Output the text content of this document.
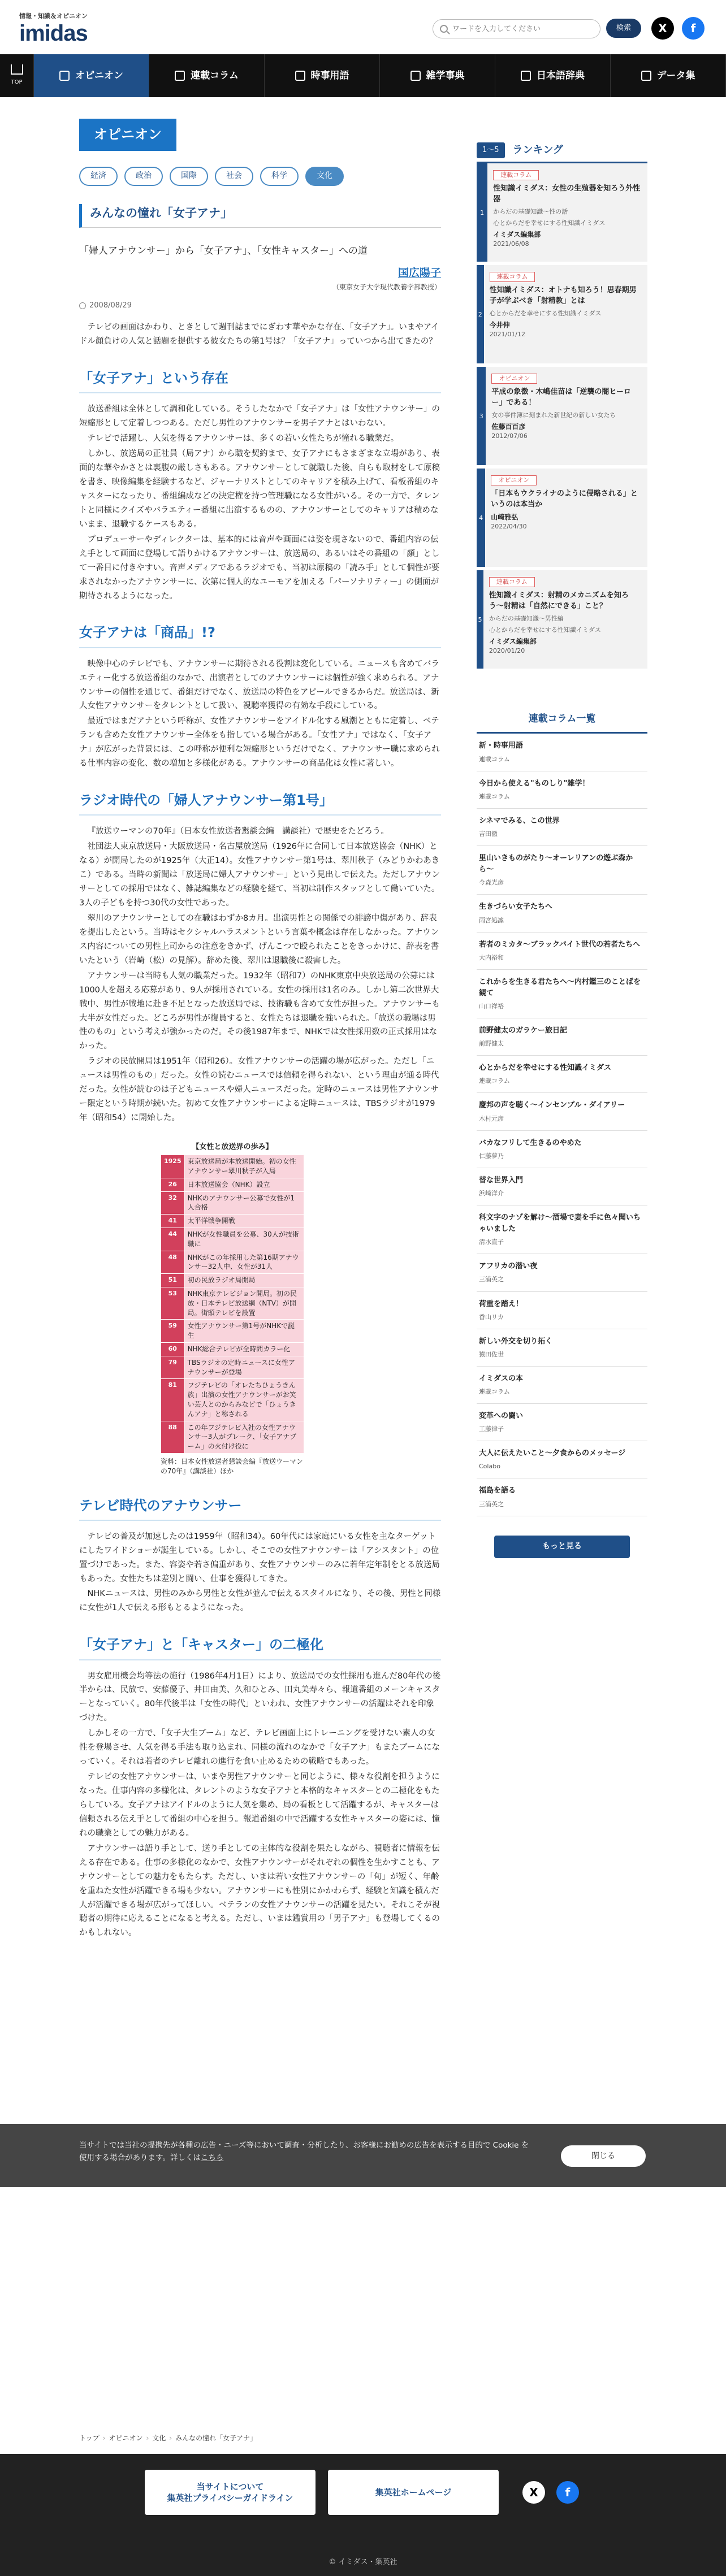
情報・知識＆オピニオン
imidas
ワードを入力してください	検索	X	f
TOP
オピニオン	連載コラム	時事用語	雑学事典	日本語辞典	データ集
オピニオン
経済	政治	国際	社会	科学	文化
みんなの憧れ「女子アナ」
「婦人アナウンサー」から「女子アナ」、「女性キャスター」への道
国広陽子
（東京女子大学現代教養学部教授）
2008/08/29

テレビの画面はかわり、ときとして週刊誌までにぎわす華やかな存在、「女子アナ」。いまやアイドル顔負けの人気と話題を提供する彼女たちの第1号は？「女子アナ」っていつから出てきたの？

「女子アナ」という存在

放送番組は全体として調和化している。そうしたなかで「女子アナ」は「女性アナウンサー」の短縮形として定着しつつある。ただし男性のアナウンサーを男子アナとはいわない。

テレビで活躍し、人気を得るアナウンサーは、多くの若い女性たちが憧れる職業だ。

しかし、放送局の正社員（局アナ）から職を契約まで、女子アナにもさまざまな立場があり、表面的な華やかさとは裏腹の厳しさもある。アナウンサーとして就職した後、自らも取材をして原稿を書き、映像編集を経験するなど、ジャーナリストとしてのキャリアを積み上げて、看板番組のキャスターになったり、番組編成などの決定権を持つ管理職になる女性がいる。その一方で、タレントと同様にクイズやバラエティー番組に出演するものの、アナウンサーとしてのキャリアは積めないまま、退職するケースもある。

プロデューサーやディレクターは、基本的には音声や画面には姿を現さないので、番組内容の伝え手として画面に登場して語りかけるアナウンサーは、放送局の、あるいはその番組の「顔」として一番目に付きやすい。音声メディアであるラジオでも、当初は原稿の「読み手」として個性が要求されなかったアナウンサーに、次第に個人的なユーモアを加える「パーソナリティー」の側面が期待されるようになった。

女子アナは「商品」!?

映像中心のテレビでも、アナウンサーに期待される役割は変化している。ニュースも含めてバラエティー化する放送番組のなかで、出演者としてのアナウンサーには個性が強く求められる。アナウンサーの個性を通じて、番組だけでなく、放送局の特色をアピールできるからだ。放送局は、新人女性アナウンサーをタレントとして扱い、視聴率獲得の有効な手段にしている。

最近ではまだアナという呼称が、女性アナウンサーをアイドル化する風潮とともに定着し、ベテランも含めた女性アナウンサー全体をも指している場合がある。「女性アナ」ではなく、「女子アナ」が広がった背景には、この呼称が便利な短縮形というだけでなく、アナウンサー職に求められる仕事内容の変化、数の増加と多様化がある。アナウンサーの商品化は女性に著しい。

ラジオ時代の「婦人アナウンサー第1号」

『放送ウーマンの70年』（日本女性放送者懇談会編　講談社）で歴史をたどろう。

社団法人東京放送局・大阪放送局・名古屋放送局（1926年に合同して日本放送協会（NHK）となる）が開局したのが1925年（大正14）。女性アナウンサー第1号は、翠川秋子（みどりかわあきこ）である。当時の新聞は「放送局に婦人アナウンサー」という見出しで伝えた。ただしアナウンサーとしての採用ではなく、雑誌編集などの経験を経て、当初は制作スタッフとして働いていた。3人の子どもを持つ30代の女性であった。

翠川のアナウンサーとしての在職はわずか8カ月。出演男性との関係での誹謗中傷があり、辞表を提出したという。当時はセクシャルハラスメントという言葉や概念は存在しなかった。アナウンス内容についての男性上司からの注意をきかず、げんこつで殴られたことをきっかけに、辞表を書いたという（岩崎（松）の見解）。辞めた後、翠川は退職後に殺害した。

アナウンサーは当時も人気の職業だった。1932年（昭和7）のNHK東京中央放送局の公募には1000人を超える応募があり、9人が採用されている。女性の採用は1名のみ。しかし第二次世界大戦中、男性が戦地に赴き不足となった放送局では、技術職も含めて女性が担った。アナウンサーも大半が女性だった。どころが男性が復員すると、女性たちは退職を強いられた。「放送の職場は男性のもの」という考えが強かったのだ。その後1987年まで、NHKでは女性採用数の正式採用はなかった。

ラジオの民放開局は1951年（昭和26）。女性アナウンサーの活躍の場が広がった。ただし「ニュースは男性のもの」だった。女性の読むニュースでは信頼を得られない、という理由が通る時代だった。女性が読むのは子どもニュースや婦人ニュースだった。定時のニュースは男性アナウンサー限定という時期が続いた。初めて女性アナウンサーによる定時ニュースは、TBSラジオが1979年（昭和54）に開始した。

【女性と放送界の歩み】
1925	東京放送局が本放送開始。初の女性アナウンサー翠川秋子が入局
26	日本放送協会（NHK）設立
32	NHKのアナウンサー公募で女性が1人合格
41	太平洋戦争開戦
44	NHKが女性職員を公募、30人が技術職に
48	NHKがこの年採用した第16期アナウンサー32人中、女性が31人
51	初の民放ラジオ局開局
53	NHK東京テレビジョン開局。初の民放・日本テレビ放送網（NTV）が開局。街頭テレビを設置
59	女性アナウンサー第1号がNHKで誕生
60	NHK総合テレビが全時間カラー化
79	TBSラジオの定時ニュースに女性アナウンサーが登場
81	フジテレビの「オレたちひょうきん族」出演の女性アナウンサーがお笑い芸人とのからみなどで「ひょうきんアナ」と称される
88	この年フジテレビ入社の女性アナウンサー3人がブレーク、「女子アナブーム」の火付け役に
資料：日本女性放送者懇談会編『放送ウーマンの70年』（講談社）ほか
テレビ時代のアナウンサー

テレビの普及が加速したのは1959年（昭和34）。60年代には家庭にいる女性を主なターゲットにしたワイドショーが誕生している。しかし、そこでの女性アナウンサーは「アシスタント」の位置づけであった。また、容姿や若さ偏重があり、女性アナウンサーのみに若年定年制をとる放送局もあった。女性たちは差別と闘い、仕事を獲得してきた。

NHKニュースは、男性のみから男性と女性が並んで伝えるスタイルになり、その後、男性と同様に女性が1人で伝える形もとるようになった。

「女子アナ」と「キャスター」の二極化

男女雇用機会均等法の施行（1986年4月1日）により、放送局での女性採用も進んだ80年代の後半からは、民放で、安藤優子、井田由美、久和ひとみ、田丸美寿々ら、報道番組のメーンキャスターとなっていく。80年代後半は「女性の時代」といわれ、女性アナウンサーの活躍はそれを印象づけた。

しかしその一方で、「女子大生ブーム」など、テレビ画面上にトレーニングを受けない素人の女性を登場させ、人気を得る手法も取り込まれ、同様の流れのなかで「女子アナ」もまたブームになっていく。それは若者のテレビ離れの進行を食い止めるための戦略でもあった。

テレビの女性アナウンサーは、いまや男性アナウンサーと同じように、様々な役割を担うようになった。仕事内容の多様化は、タレントのような女子アナと本格的なキャスターとの二極化をもたらしている。女子アナはアイドルのように人気を集め、局の看板として活躍するが、キャスターは信頼される伝え手として番組の中心を担う。報道番組の中で活躍する女性キャスターの姿には、憧れの職業としての魅力がある。

アナウンサーは語り手として、送り手としての主体的な役割を果たしながら、視聴者に情報を伝える存在である。仕事の多様化のなかで、女性アナウンサーがそれぞれの個性を生かすことも、アナウンサーとしての魅力をもたらす。ただし、いまは若い女性アナウンサーの「旬」が短く、年齢を重ねた女性が活躍できる場も少ない。アナウンサーにも性別にかかわらず、経験と知識を積んだ人が活躍できる場が広がってほしい。ベテランの女性アナウンサーの活躍を見たい。それこそが視聴者の期待に応えることになると考える。ただし、いまは鑑賞用の「男子アナ」も登場してくるのかもしれない。

1〜5	ランキング
1
連載コラム
性知識イミダス：女性の生殖器を知ろう外性器
からだの基礎知識〜性の話
心とからだを幸せにする性知識イミダス
イミダス編集部
2021/06/08
2
連載コラム
性知識イミダス：オトナも知ろう！思春期男子が学ぶべき「射精教」とは
心とからだを幸せにする性知識イミダス
今井伸
2021/01/12
3
オピニオン
平成の象徴・木嶋佳苗は「逆襲の闇ヒーロー」である！
女の事件簿に刻まれた新世紀の新しい女たち
佐藤百百彦
2012/07/06
4
オピニオン
「日本もウクライナのように侵略される」というのは本当か
山崎雅弘
2022/04/30
5
連載コラム
性知識イミダス：射精のメカニズムを知ろう〜射精は「自然にできる」こと？
からだの基礎知識〜男性編
心とからだを幸せにする性知識イミダス
イミダス編集部
2020/01/20
連載コラム一覧
新・時事用語
連載コラム
今日から使える"ものしり"雑学！
連載コラム
シネマでみる、この世界
吉田徹
里山いきものがたり〜オーレリアンの遊ぶ森から〜
今森光彦
生きづらい女子たちへ
雨宮処凛
若者のミカタ〜ブラックバイト世代の若者たちへ
大内裕和
これからを生きる君たちへ〜内村鑑三のことばを観て
山口祥裕
前野健太のガラケー旅日記
前野健太
心とからだを幸せにする性知識イミダス
連載コラム
慶邦の声を聴く〜インセンプル・ダイアリー
木村元彦
バカなフリして生きるのやめた
仁藤夢乃
替な世界入門
浜崎洋介
科文字のナゾを解け〜酒場で妻を手に色々聞いちゃいました
清水直子
アフリカの潜い夜
三浦英之
荷重を踏え！
香山リカ
新しい外交を切り拓く
猿田佐世
イミダスの本
連載コラム
変革への闘い
工藤律子
大人に伝えたいこと〜夕食からのメッセージ
Colabo
福島を語る
三浦英之
もっと見る
当サイトでは当社の提携先が各種の広告・ニーズ等において調査・分析したり、お客様にお勧めの広告を表示する目的で Cookie を使用する場合があります。詳しくはこちら	閉じる
トップ › オピニオン › 文化 › みんなの憧れ「女子アナ」
当サイトについて
集英社プライバシーガイドライン
集英社ホームページ	X	f
© イミダス・集英社
